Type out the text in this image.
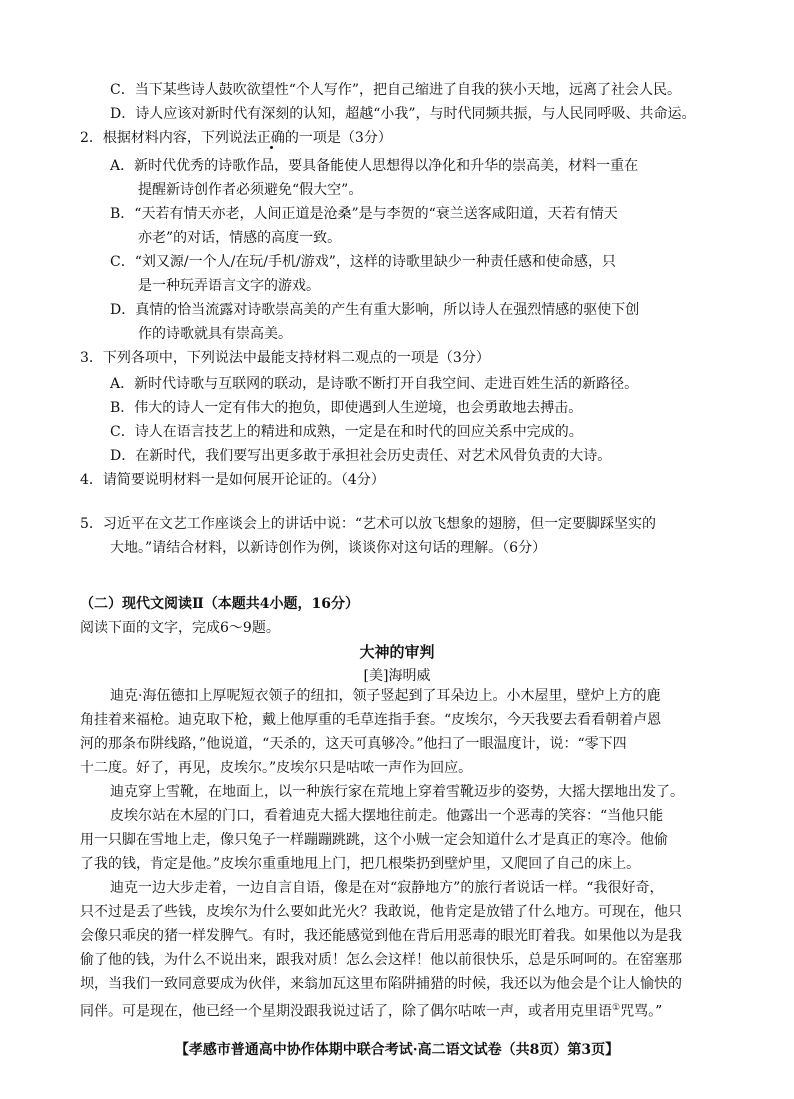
C．当下某些诗人鼓吹欲望性“个人写作”，把自己缩进了自我的狭小天地，远离了社会人民。
D．诗人应该对新时代有深刻的认知，超越“小我”，与时代同频共振，与人民同呼吸、共命运。
2．根据材料内容，下列说法正确的一项是（3分）
A．新时代优秀的诗歌作品，要具备能使人思想得以净化和升华的崇高美，材料一重在
提醒新诗创作者必须避免“假大空”。
B．“天若有情天亦老，人间正道是沧桑”是与李贺的“衰兰送客咸阳道，天若有情天
亦老”的对话，情感的高度一致。
C．“刘又源/一个人/在玩/手机/游戏”，这样的诗歌里缺少一种责任感和使命感，只
是一种玩弄语言文字的游戏。
D．真情的恰当流露对诗歌崇高美的产生有重大影响，所以诗人在强烈情感的驱使下创
作的诗歌就具有崇高美。
3．下列各项中，下列说法中最能支持材料二观点的一项是（3分）
A．新时代诗歌与互联网的联动，是诗歌不断打开自我空间、走进百姓生活的新路径。
B．伟大的诗人一定有伟大的抱负，即使遇到人生逆境，也会勇敢地去搏击。
C．诗人在语言技艺上的精进和成熟，一定是在和时代的回应关系中完成的。
D．在新时代，我们要写出更多敢于承担社会历史责任、对艺术风骨负责的大诗。
4．请简要说明材料一是如何展开论证的。（4分）
5．习近平在文艺工作座谈会上的讲话中说：“艺术可以放飞想象的翅膀，但一定要脚踩坚实的
大地。”请结合材料，以新诗创作为例，谈谈你对这句话的理解。（6分）
（二）现代文阅读Ⅱ（本题共4小题，16分）
阅读下面的文字，完成6～9题。
大神的审判
[美]海明威
迪克·海伍德扣上厚呢短衣领子的纽扣，领子竖起到了耳朵边上。小木屋里，壁炉上方的鹿
角挂着来福枪。迪克取下枪，戴上他厚重的毛草连指手套。“皮埃尔，今天我要去看看朝着卢恩
河的那条布阱线路，”他说道，“天杀的，这天可真够冷。”他扫了一眼温度计，说：“零下四
十二度。好了，再见，皮埃尔。”皮埃尔只是咕哝一声作为回应。
迪克穿上雪靴，在地面上，以一种族行家在荒地上穿着雪靴迈步的姿势，大摇大摆地出发了。
皮埃尔站在木屋的门口，看着迪克大摇大摆地往前走。他露出一个恶毒的笑容：“当他只能
用一只脚在雪地上走，像只兔子一样蹦蹦跳跳，这个小贼一定会知道什么才是真正的寒冷。他偷
了我的钱，肯定是他。”皮埃尔重重地甩上门，把几根柴扔到壁炉里，又爬回了自己的床上。
迪克一边大步走着，一边自言自语，像是在对“寂静地方”的旅行者说话一样。“我很好奇，
只不过是丢了些钱，皮埃尔为什么要如此光火？我敢说，他肯定是放错了什么地方。可现在，他只
会像只乖戾的猪一样发脾气。有时，我还能感觉到他在背后用恶毒的眼光盯着我。如果他以为是我
偷了他的钱，为什么不说出来，跟我对质！怎么会这样！他以前很快乐，总是乐呵呵的。在窑塞那
坝，当我们一致同意要成为伙伴，来翁加瓦这里布陷阱捕猎的时候，我还以为他会是个让人愉快的
同伴。可是现在，他已经一个星期没跟我说过话了，除了偶尔咕哝一声，或者用克里语①咒骂。”
【孝感市普通高中协作体期中联合考试·高二语文试卷（共8页）第3页】
